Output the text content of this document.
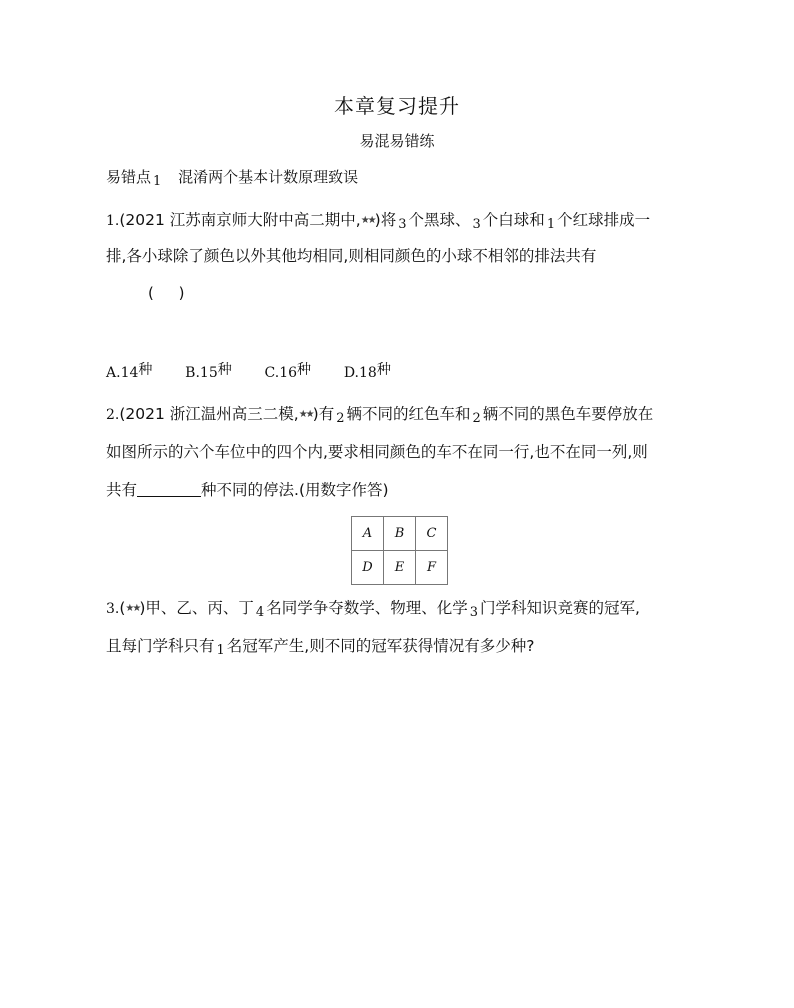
本章复习提升
易混易错练
易错点 1 混淆两个基本计数原理致误
1.(2021 江苏南京师大附中高二期中,★★)将 3 个黑球、 3 个白球和 1 个红球排成一
排,各小球除了颜色以外其他均相同,则相同颜色的小球不相邻的排法共有
( )
$A.14^种$ $B.15^种$ $C.16^种$ $D.18^种$
2.(2021 浙江温州高三二模,★★)有 2 辆不同的红色车和 2 辆不同的黑色车要停放在
如图所示的六个车位中的四个内,要求相同颜色的车不在同一行,也不在同一列,则
共有	种不同的停法.(用数字作答)
A	B	C
D	E	F
3.(★★)甲、乙、丙、丁 4 名同学争夺数学、物理、化学 3 门学科知识竞赛的冠军,
且每门学科只有 1 名冠军产生,则不同的冠军获得情况有多少种?
